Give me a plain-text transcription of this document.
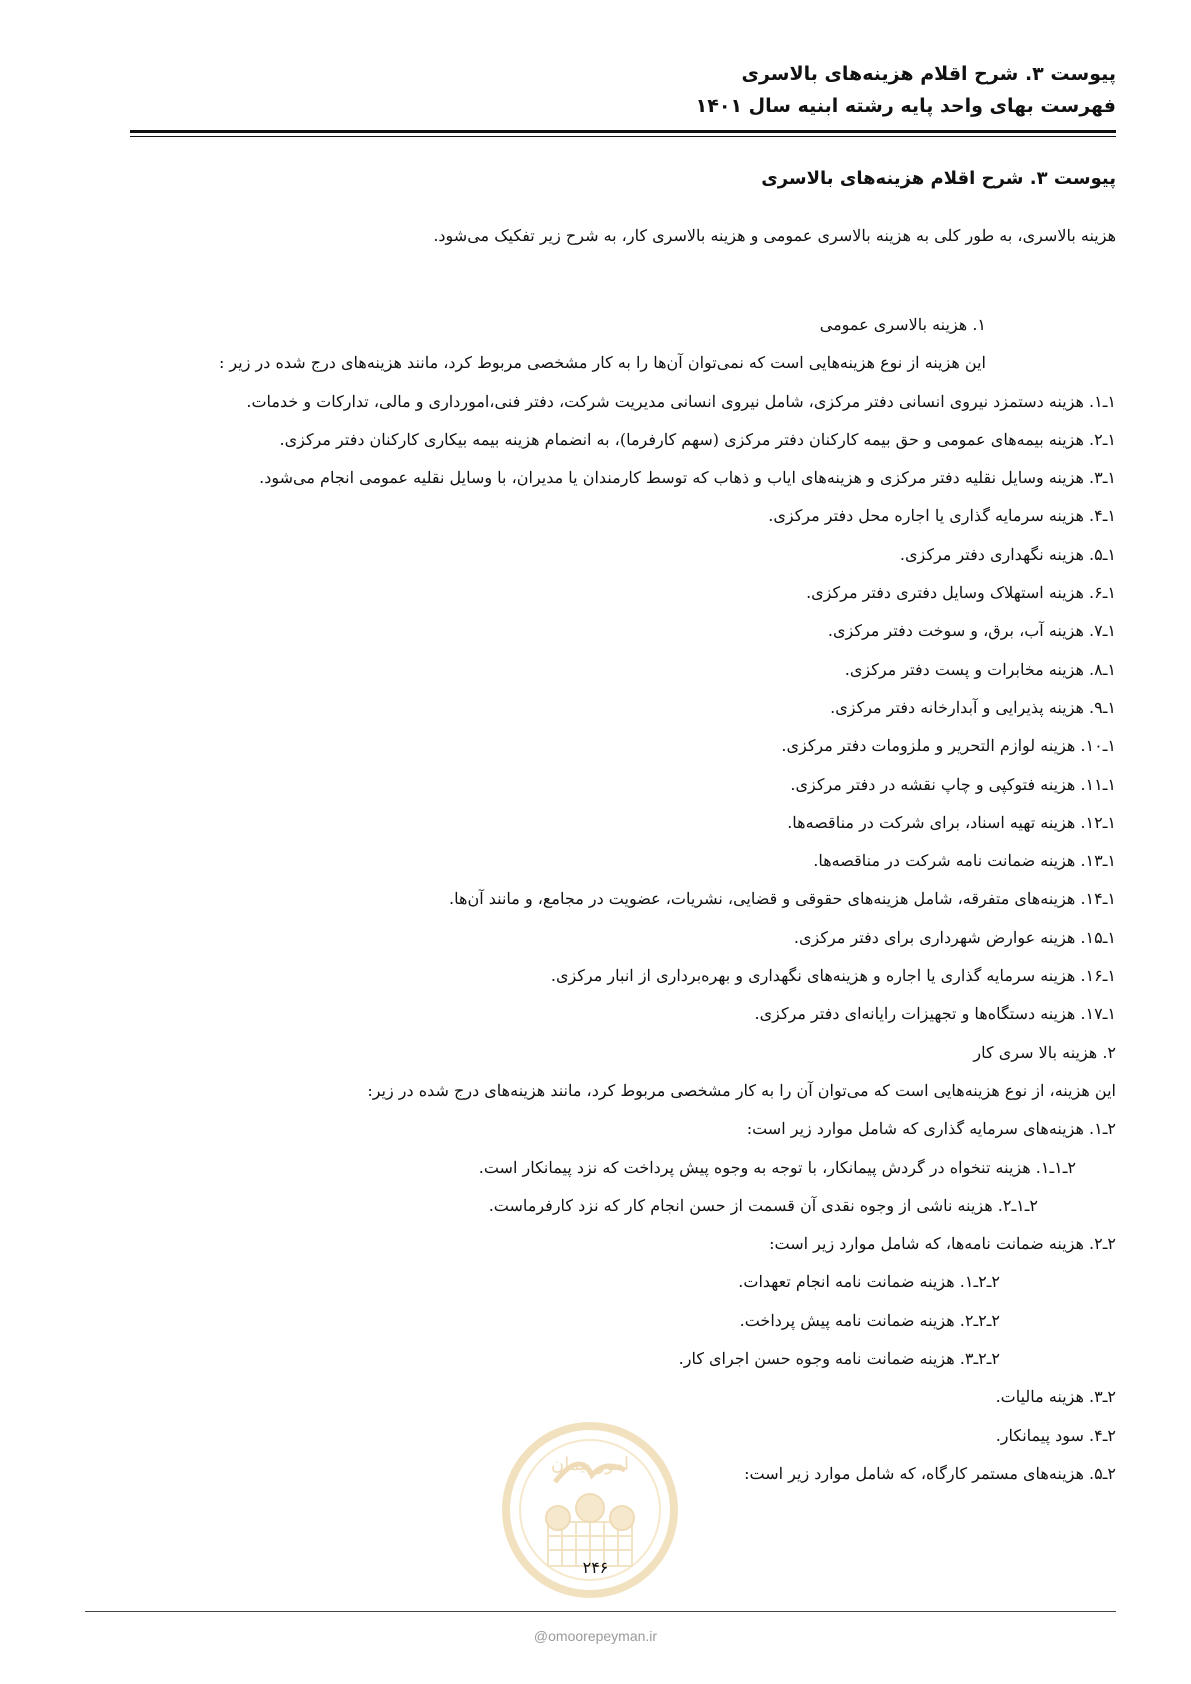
پیوست ۳. شرح اقلام هزینه‌های بالاسری
فهرست بهای واحد پایه رشته ابنیه سال ۱۴۰۱
پیوست ۳. شرح اقلام هزینه‌های بالاسری
هزینه بالاسری، به طور کلی به هزینه بالاسری عمومی و هزینه بالاسری کار، به شرح زیر تفکیک می‌شود.
۱. هزینه بالاسری عمومی
این هزینه از نوع هزینه‌هایی است که نمی‌توان آن‌ها را به کار مشخصی مربوط کرد، مانند هزینه‌های درج شده در زیر :
۱ـ۱. هزینه دستمزد نیروی انسانی دفتر مرکزی، شامل نیروی انسانی مدیریت شرکت، دفتر فنی،امورداری و مالی، تدارکات و خدمات.
۱ـ۲. هزینه بیمه‌های عمومی و حق بیمه کارکنان دفتر مرکزی (سهم کارفرما)، به انضمام هزینه بیمه بیکاری کارکنان دفتر مرکزی.
۱ـ۳. هزینه وسایل نقلیه دفتر مرکزی و هزینه‌های ایاب و ذهاب که توسط کارمندان یا مدیران، با وسایل نقلیه عمومی انجام می‌شود.
۱ـ۴. هزینه سرمایه گذاری یا اجاره محل دفتر مرکزی.
۱ـ۵. هزینه نگهداری دفتر مرکزی.
۱ـ۶. هزینه استهلاک وسایل دفتری دفتر مرکزی.
۱ـ۷. هزینه آب، برق، و سوخت دفتر مرکزی.
۱ـ۸. هزینه مخابرات و پست دفتر مرکزی.
۱ـ۹. هزینه پذیرایی و آبدارخانه دفتر مرکزی.
۱ـ۱۰. هزینه لوازم التحریر و ملزومات دفتر مرکزی.
۱ـ۱۱. هزینه فتوکپی و چاپ نقشه در دفتر مرکزی.
۱ـ۱۲. هزینه تهیه اسناد، برای شرکت در مناقصه‌ها.
۱ـ۱۳. هزینه ضمانت نامه شرکت در مناقصه‌ها.
۱ـ۱۴. هزینه‌های متفرقه، شامل هزینه‌های حقوقی و قضایی، نشریات، عضویت در مجامع، و مانند آن‌ها.
۱ـ۱۵. هزینه عوارض شهرداری برای دفتر مرکزی.
۱ـ۱۶. هزینه سرمایه گذاری یا اجاره و هزینه‌های نگهداری و بهره‌برداری از انبار مرکزی.
۱ـ۱۷. هزینه دستگاه‌ها و تجهیزات رایانه‌ای دفتر مرکزی.
۲. هزینه بالا سری کار
این هزینه، از نوع هزینه‌هایی است که می‌توان آن را به کار مشخصی مربوط کرد، مانند هزینه‌های درج شده در زیر:
۲ـ۱. هزینه‌های سرمایه گذاری که شامل موارد زیر است:
۲ـ۱ـ۱. هزینه تنخواه در گردش پیمانکار، با توجه به وجوه پیش پرداخت که نزد پیمانکار است.
۲ـ۱ـ۲. هزینه ناشی از وجوه نقدی آن قسمت از حسن انجام کار که نزد کارفرماست.
۲ـ۲. هزینه ضمانت نامه‌ها، که شامل موارد زیر است:
۲ـ۲ـ۱. هزینه ضمانت نامه انجام تعهدات.
۲ـ۲ـ۲. هزینه ضمانت نامه پیش پرداخت.
۲ـ۲ـ۳. هزینه ضمانت نامه وجوه حسن اجرای کار.
۲ـ۳. هزینه مالیات.
۲ـ۴. سود پیمانکار.
۲ـ۵. هزینه‌های مستمر کارگاه، که شامل موارد زیر است:
امور پیمان
۲۴۶
@omoorepeyman.ir
